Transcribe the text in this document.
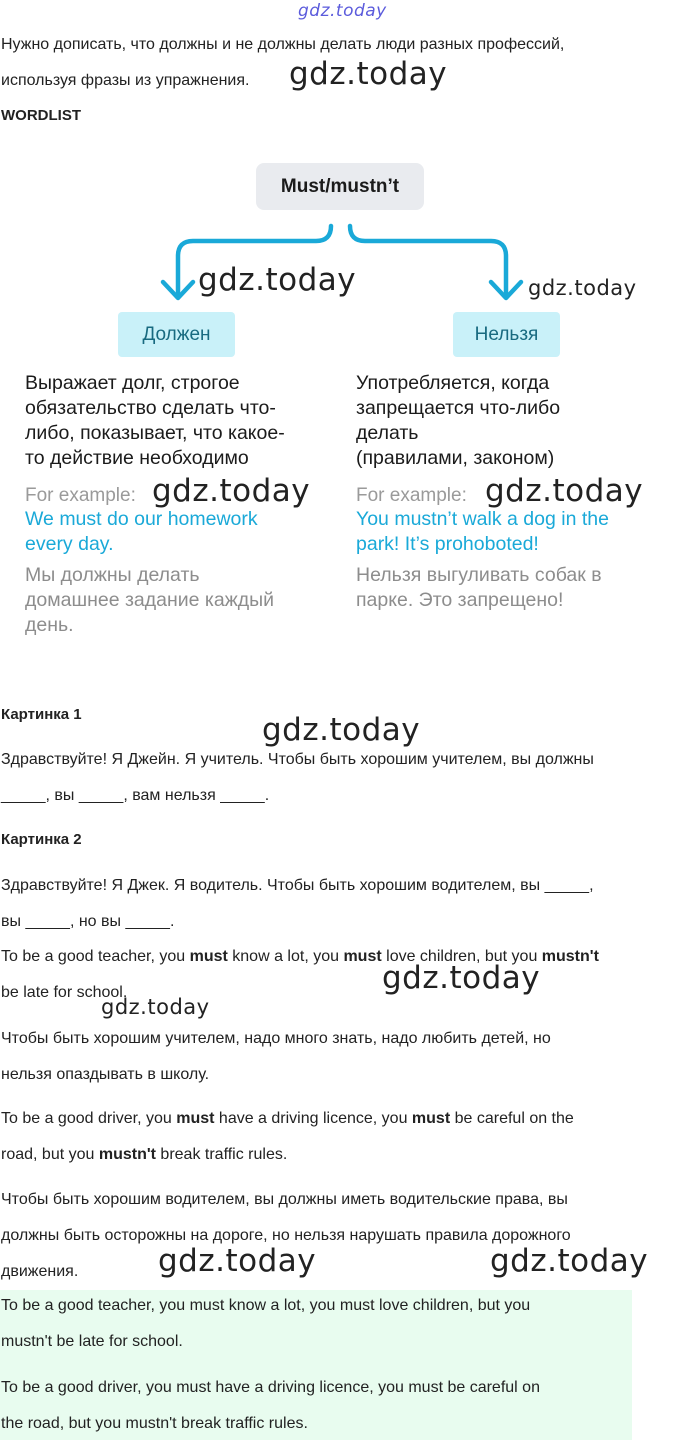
gdz.today
Нужно дописать, что должны и не должны делать люди разных профессий,
используя фразы из упражнения. gdz.today
WORDLIST
Must/mustn’t
gdz.today	gdz.today
Должен	Нельзя
Выражает долг, строгое
обязательство сделать что-
либо, показывает, что какое-
то действие необходимо
For example: gdz.today
We must do our homework
every day.
Мы должны делать
домашнее задание каждый
день.
Употребляется, когда
запрещается что-либо
делать
(правилами, законом)
For example: gdz.today
You mustn’t walk a dog in the
park! It’s prohoboted!
Нельзя выгуливать собак в
парке. Это запрещено!
Картинка 1	gdz.today
Здравствуйте! Я Джейн. Я учитель. Чтобы быть хорошим учителем, вы должны
_____, вы _____, вам нельзя _____.
Картинка 2
Здравствуйте! Я Джек. Я водитель. Чтобы быть хорошим водителем, вы _____,
вы _____, но вы _____.
To be a good teacher, you must know a lot, you must love children, but you mustn't
be late for school.	gdz.today
gdz.today
Чтобы быть хорошим учителем, надо много знать, надо любить детей, но
нельзя опаздывать в школу.
To be a good driver, you must have a driving licence, you must be careful on the
road, but you mustn't break traffic rules.
Чтобы быть хорошим водителем, вы должны иметь водительские права, вы
должны быть осторожны на дороге, но нельзя нарушать правила дорожного
движения.	gdz.today	gdz.today
To be a good teacher, you must know a lot, you must love children, but you
mustn't be late for school.
To be a good driver, you must have a driving licence, you must be careful on
the road, but you mustn't break traffic rules.
